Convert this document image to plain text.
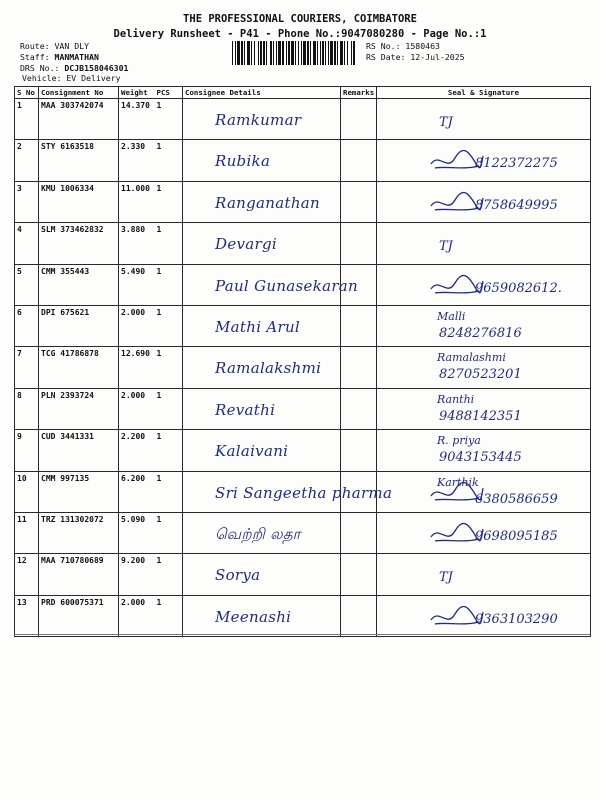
THE PROFESSIONAL COURIERS, COIMBATORE
Delivery Runsheet - P41 - Phone No.:9047080280 - Page No.:1
Route: VAN DLY
Staff: MANMATHAN
DRS No.: DCJB158046301
Vehicle: EV Delivery
RS No.: 1580463
RS Date: 12-Jul-2025
S No	Consignment No	Weight	PCS	Consignee Details	Remarks	Seal & Signature
1	MAA 303742074	14.370	1	Ramkumar		TJ

2	STY 6163518	2.330	1	Rubika		8122372275

3	KMU 1006334	11.000	1	Ranganathan		8758649995

4	SLM 373462832	3.880	1	Devargi		TJ

5	CMM 355443	5.490	1	Paul Gunasekaran		9659082612.

6	DPI 675621	2.000	1	Mathi Arul		Malli
8248276816

7	TCG 41786878	12.690	1	Ramalakshmi		Ramalashmi
8270523201

8	PLN 2393724	2.000	1	Revathi		Ranthi
9488142351

9	CUD 3441331	2.200	1	Kalaivani		R. priya
9043153445

10	CMM 997135	6.200	1	Sri Sangeetha pharma		Karthik
6380586659

11	TRZ 131302072	5.090	1	வெற்றி லதா		9698095185

12	MAA 710780689	9.200	1	Sorya		TJ

13	PRD 600075371	2.000	1	Meenashi		9363103290
